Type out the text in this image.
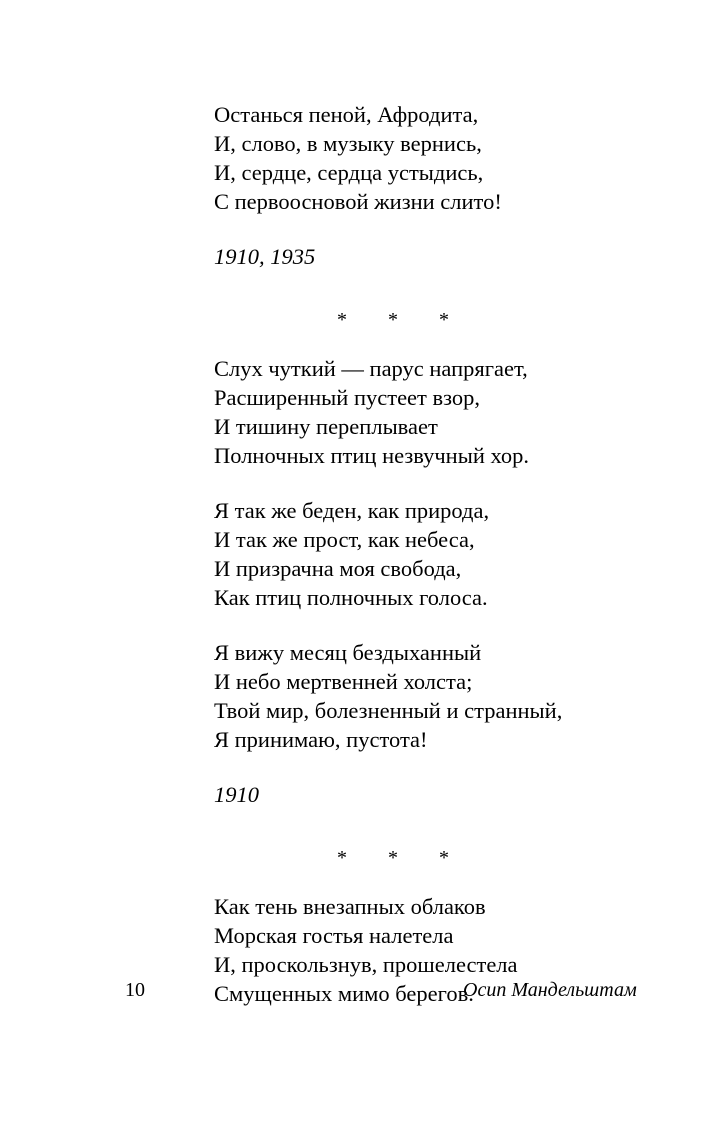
Останься пеной, Афродита,
И, слово, в музыку вернись,
И, сердце, сердца устыдись,
С первоосновой жизни слито!
1910, 1935
* * *
Слух чуткий — парус напрягает,
Расширенный пустеет взор,
И тишину переплывает
Полночных птиц незвучный хор.
Я так же беден, как природа,
И так же прост, как небеса,
И призрачна моя свобода,
Как птиц полночных голоса.
Я вижу месяц бездыханный
И небо мертвенней холста;
Твой мир, болезненный и странный,
Я принимаю, пустота!
1910
* * *
Как тень внезапных облаков
Морская гостья налетела
И, проскользнув, прошелестела
Смущенных мимо берегов.
10	Осип Мандельштам
